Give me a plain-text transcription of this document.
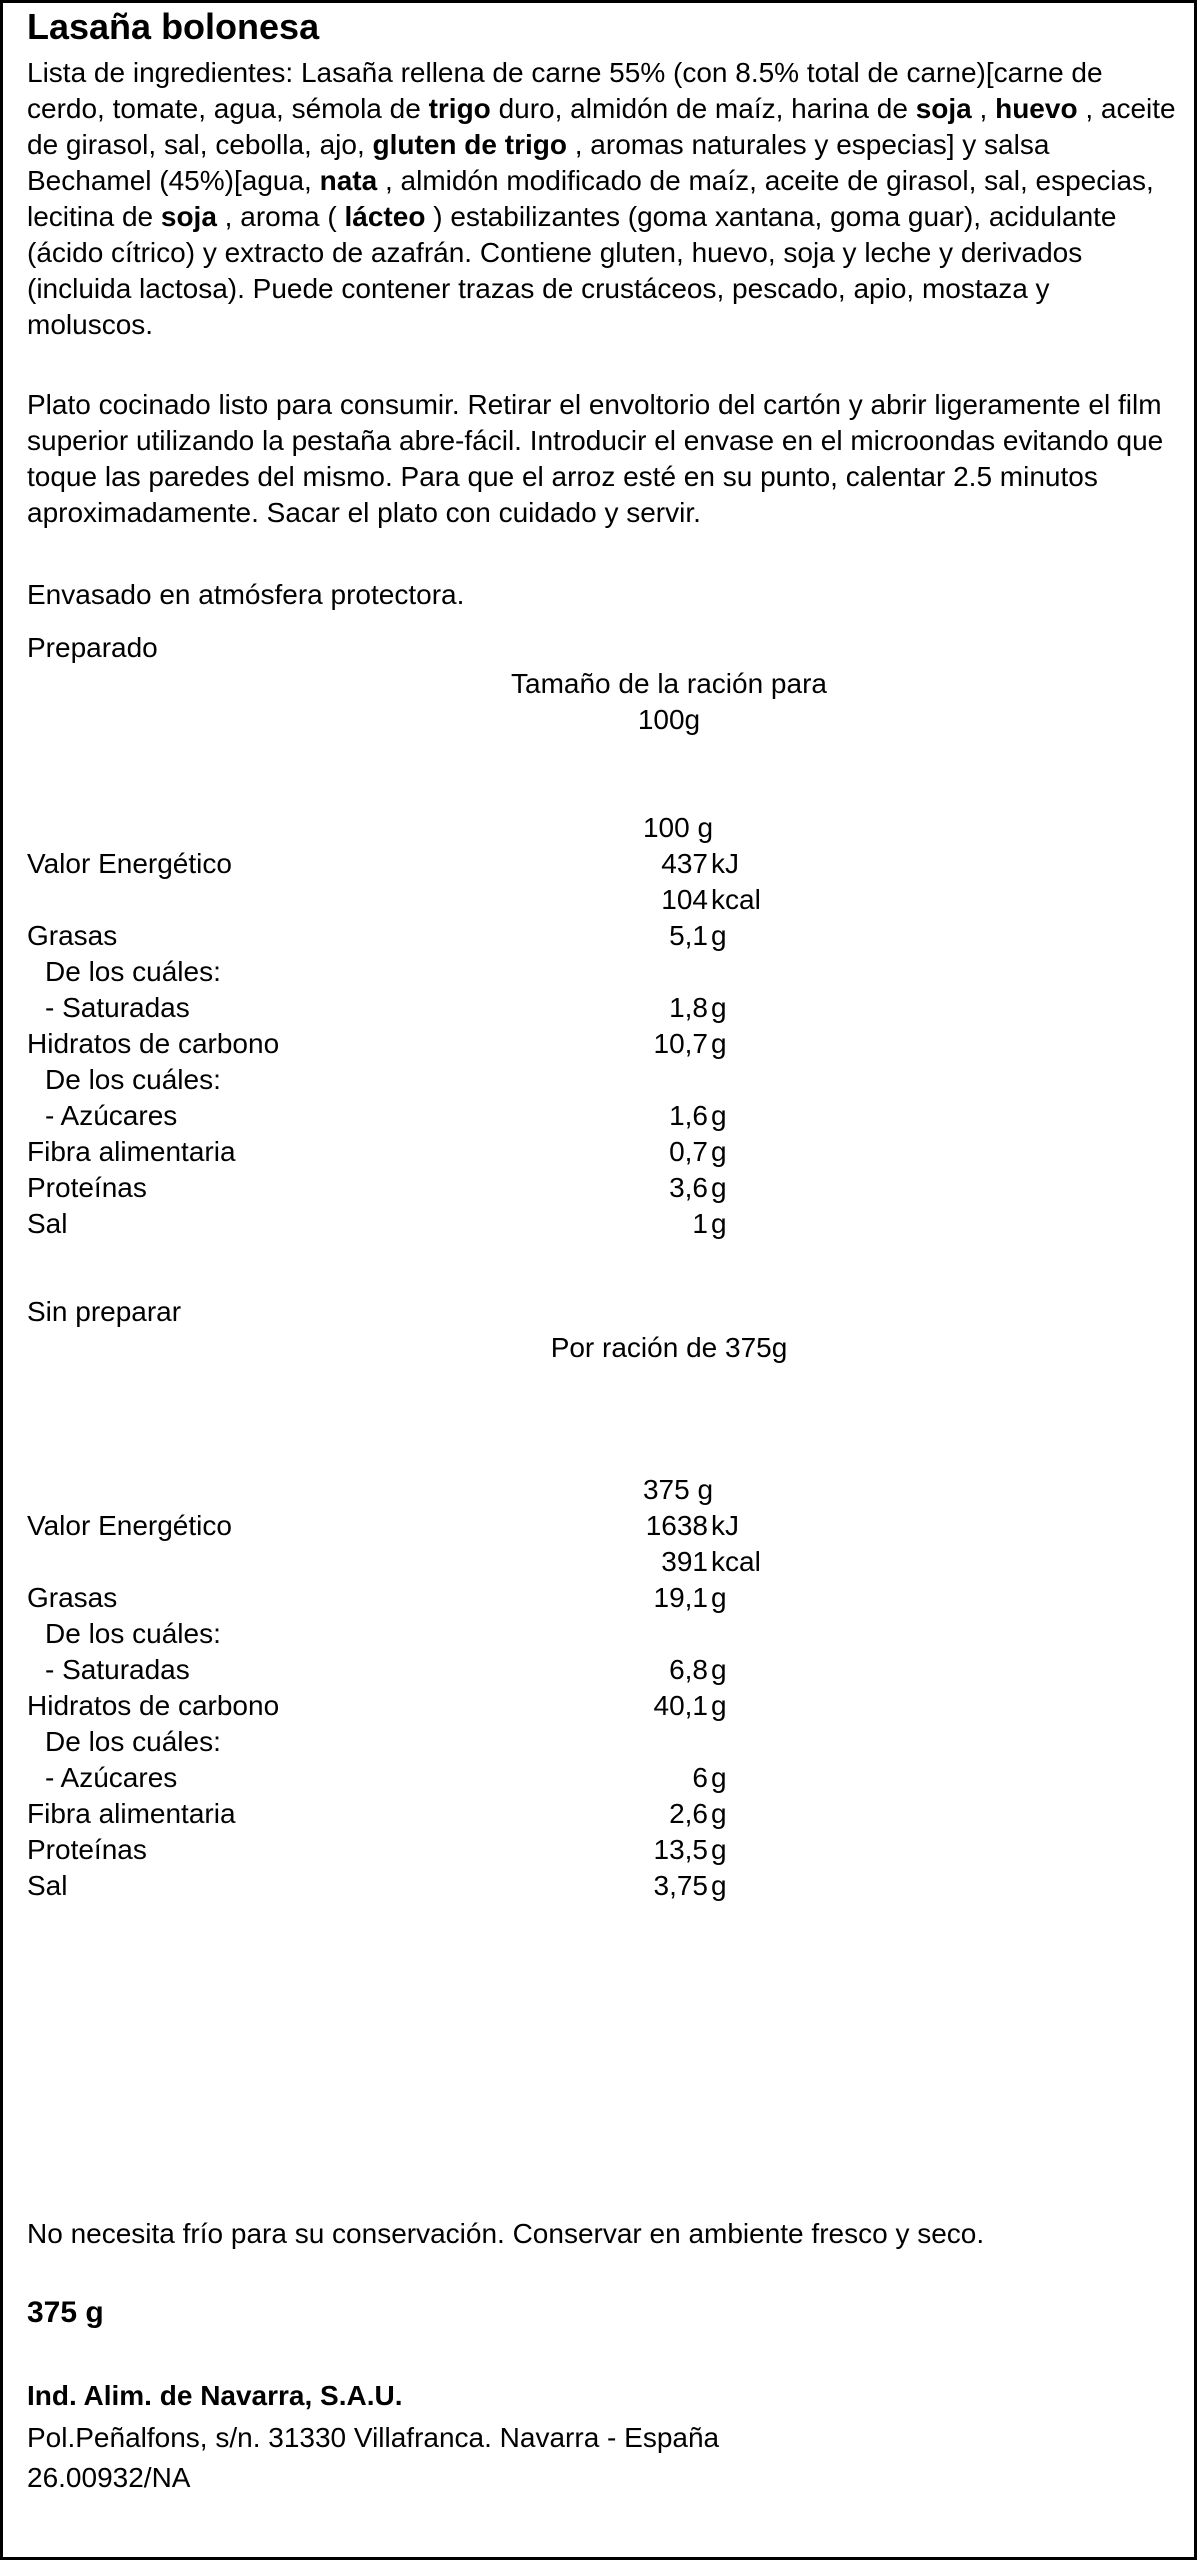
Lasaña bolonesa

Lista de ingredientes: Lasaña rellena de carne 55% (con 8.5% total de carne)[carne de cerdo, tomate, agua, sémola de trigo duro, almidón de maíz, harina de soja , huevo , aceite de girasol, sal, cebolla, ajo, gluten de trigo , aromas naturales y especias] y salsa Bechamel (45%)[agua, nata , almidón modificado de maíz, aceite de girasol, sal, especias, lecitina de soja , aroma ( lácteo ) estabilizantes (goma xantana, goma guar), acidulante (ácido cítrico) y extracto de azafrán. Contiene gluten, huevo, soja y leche y derivados (incluida lactosa). Puede contener trazas de crustáceos, pescado, apio, mostaza y moluscos.

Plato cocinado listo para consumir. Retirar el envoltorio del cartón y abrir ligeramente el film superior utilizando la pestaña abre-fácil. Introducir el envase en el microondas evitando que toque las paredes del mismo. Para que el arroz esté en su punto, calentar 2.5 minutos aproximadamente. Sacar el plato con cuidado y servir.

Envasado en atmósfera protectora.

Preparado
Tamaño de la ración para
100g
100 g
Valor Energético	437 kJ
104 kcal
Grasas	5,1 g
De los cuáles:
- Saturadas	1,8 g
Hidratos de carbono	10,7 g
De los cuáles:
- Azúcares	1,6 g
Fibra alimentaria	0,7 g
Proteínas	3,6 g
Sal	1 g
Sin preparar
Por ración de 375g
375 g
Valor Energético	1638 kJ
391 kcal
Grasas	19,1 g
De los cuáles:
- Saturadas	6,8 g
Hidratos de carbono	40,1 g
De los cuáles:
- Azúcares	6 g
Fibra alimentaria	2,6 g
Proteínas	13,5 g
Sal	3,75 g
No necesita frío para su conservación. Conservar en ambiente fresco y seco.
375 g
Ind. Alim. de Navarra, S.A.U.
Pol.Peñalfons, s/n. 31330 Villafranca. Navarra - España
26.00932/NA
